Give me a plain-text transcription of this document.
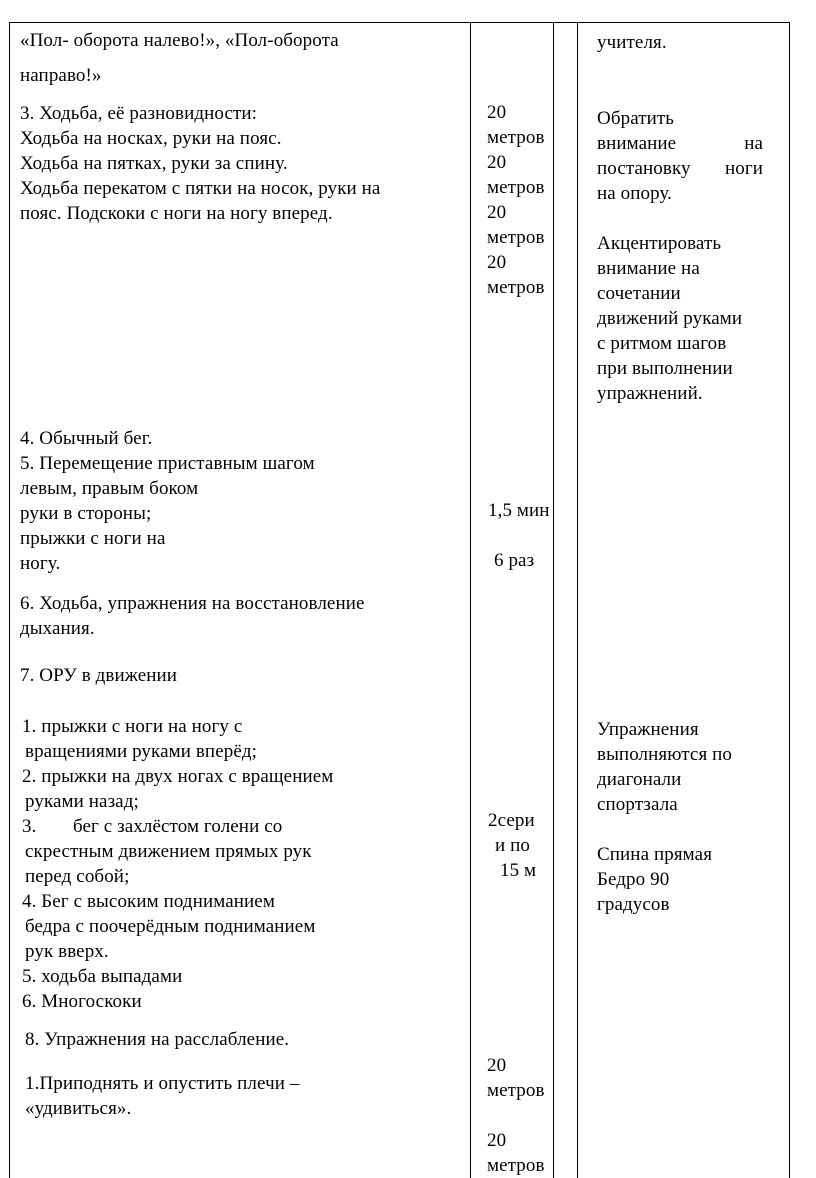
«Пол- оборота налево!», «Пол-оборота

направо!»

3. Ходьба, её разновидности:

Ходьба на носках, руки на пояс.

Ходьба на пятках, руки за спину.

Ходьба перекатом с пятки на носок, руки на

пояс. Подскоки с ноги на ногу вперед.

4. Обычный бег.

5. Перемещение приставным шагом

левым, правым боком

руки в стороны;

прыжки с ноги на

ногу.

6. Ходьба, упражнения на восстановление

дыхания.

7. ОРУ в движении

1. прыжки с ноги на ногу с

вращениями руками вперёд;

2. прыжки на двух ногах с вращением

руками назад;

3. бег с захлёстом голени со

скрестным движением прямых рук

перед собой;

4. Бег с высоким подниманием

бедра с поочерёдным подниманием

рук вверх.

5. ходьба выпадами

6. Многоскоки

8. Упражнения на расслабление.

1.Приподнять и опустить плечи –

«удивиться».

20

метров

20

метров

20

метров

20

метров

1,5 мин

6 раз

2сери

и по

15 м

20

метров

20

метров

учителя.

Обратить

внимание	на
постановку ноги

на опору.

Акцентировать

внимание на

сочетании

движений руками

с ритмом шагов

при выполнении

упражнений.

Упражнения

выполняются по

диагонали

спортзала

Спина прямая

Бедро 90

градусов
